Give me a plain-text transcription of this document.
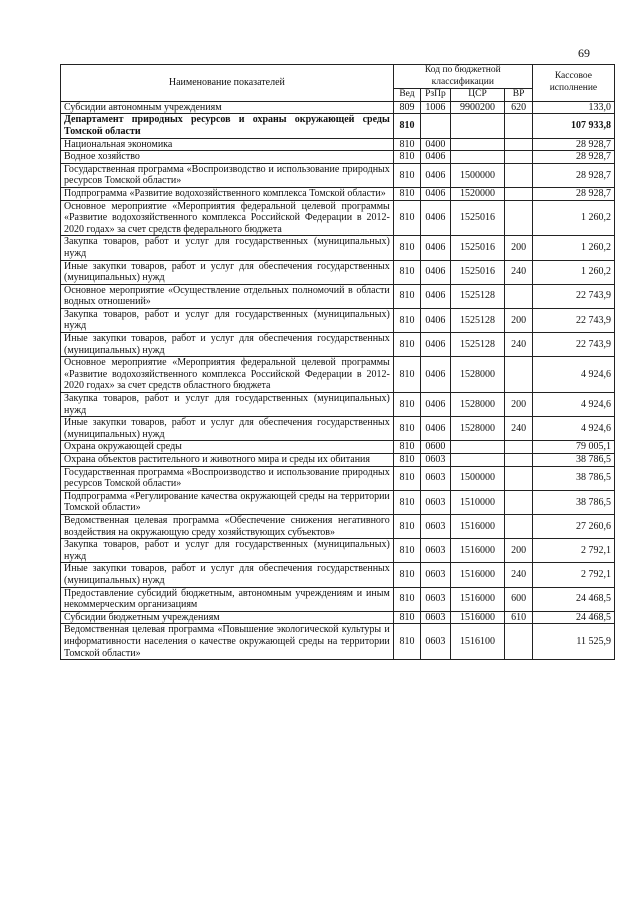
69
Наименование показателей	Код по бюджетной классификации				Кассовое исполнение
	Вед	РзПр	ЦСР	ВР	
Субсидии автономным учреждениям	809	1006	9900200	620	133,0
Департамент природных ресурсов и охраны окружающей среды Томской области	810				107 933,8
Национальная экономика	810	0400			28 928,7
Водное хозяйство	810	0406			28 928,7
Государственная программа «Воспроизводство и использование природных ресурсов Томской области»	810	0406	1500000		28 928,7
Подпрограмма «Развитие водохозяйственного комплекса Томской области»	810	0406	1520000		28 928,7
Основное мероприятие «Мероприятия федеральной целевой программы «Развитие водохозяйственного комплекса Российской Федерации в 2012-2020 годах» за счет средств федерального бюджета	810	0406	1525016		1 260,2
Закупка товаров, работ и услуг для государственных (муниципальных) нужд	810	0406	1525016	200	1 260,2
Иные закупки товаров, работ и услуг для обеспечения государственных (муниципальных) нужд	810	0406	1525016	240	1 260,2
Основное мероприятие «Осуществление отдельных полномочий в области водных отношений»	810	0406	1525128		22 743,9
Закупка товаров, работ и услуг для государственных (муниципальных) нужд	810	0406	1525128	200	22 743,9
Иные закупки товаров, работ и услуг для обеспечения государственных (муниципальных) нужд	810	0406	1525128	240	22 743,9
Основное мероприятие «Мероприятия федеральной целевой программы «Развитие водохозяйственного комплекса Российской Федерации в 2012-2020 годах» за счет средств областного бюджета	810	0406	1528000		4 924,6
Закупка товаров, работ и услуг для государственных (муниципальных) нужд	810	0406	1528000	200	4 924,6
Иные закупки товаров, работ и услуг для обеспечения государственных (муниципальных) нужд	810	0406	1528000	240	4 924,6
Охрана окружающей среды	810	0600			79 005,1
Охрана объектов растительного и животного мира и среды их обитания	810	0603			38 786,5
Государственная программа «Воспроизводство и использование природных ресурсов Томской области»	810	0603	1500000		38 786,5
Подпрограмма «Регулирование качества окружающей среды на территории Томской области»	810	0603	1510000		38 786,5
Ведомственная целевая программа «Обеспечение снижения негативного воздействия на окружающую среду хозяйствующих субъектов»	810	0603	1516000		27 260,6
Закупка товаров, работ и услуг для государственных (муниципальных) нужд	810	0603	1516000	200	2 792,1
Иные закупки товаров, работ и услуг для обеспечения государственных (муниципальных) нужд	810	0603	1516000	240	2 792,1
Предоставление субсидий бюджетным, автономным учреждениям и иным некоммерческим организациям	810	0603	1516000	600	24 468,5
Субсидии бюджетным учреждениям	810	0603	1516000	610	24 468,5
Ведомственная целевая программа «Повышение экологической культуры и информативности населения о качестве окружающей среды на территории Томской области»	810	0603	1516100		11 525,9
